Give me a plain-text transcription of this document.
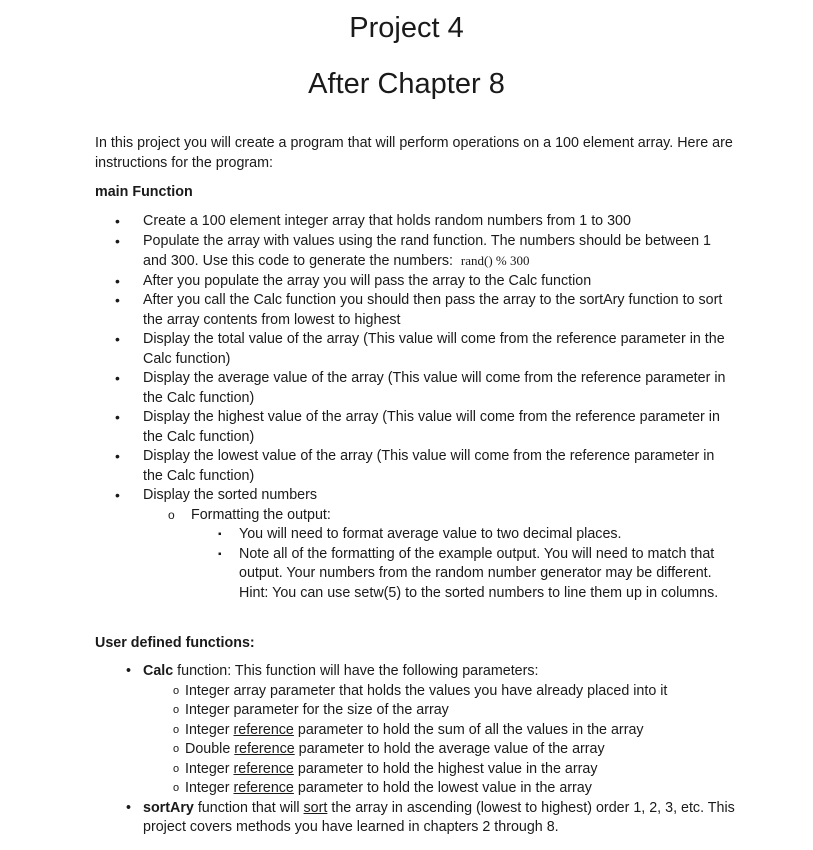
Project 4
After Chapter 8

In this project you will create a program that will perform operations on a 100 element array. Here are instructions for the program:

main Function

• Create a 100 element integer array that holds random numbers from 1 to 300
• Populate the array with values using the rand function. The numbers should be between 1 and 300. Use this code to generate the numbers: rand() % 300
• After you populate the array you will pass the array to the Calc function
• After you call the Calc function you should then pass the array to the sortAry function to sort the array contents from lowest to highest
• Display the total value of the array (This value will come from the reference parameter in the Calc function)
• Display the average value of the array (This value will come from the reference parameter in the Calc function)
• Display the highest value of the array (This value will come from the reference parameter in the Calc function)
• Display the lowest value of the array (This value will come from the reference parameter in the Calc function)
• Display the sorted numbers
o Formatting the output:
▪ You will need to format average value to two decimal places.
▪ Note all of the formatting of the example output. You will need to match that output. Your numbers from the random number generator may be different. Hint: You can use setw(5) to the sorted numbers to line them up in columns.

User defined functions:

• Calc function: This function will have the following parameters:
o Integer array parameter that holds the values you have already placed into it
o Integer parameter for the size of the array
o Integer reference parameter to hold the sum of all the values in the array
o Double reference parameter to hold the average value of the array
o Integer reference parameter to hold the highest value in the array
o Integer reference parameter to hold the lowest value in the array
• sortAry function that will sort the array in ascending (lowest to highest) order 1, 2, 3, etc. This project covers methods you have learned in chapters 2 through 8.
